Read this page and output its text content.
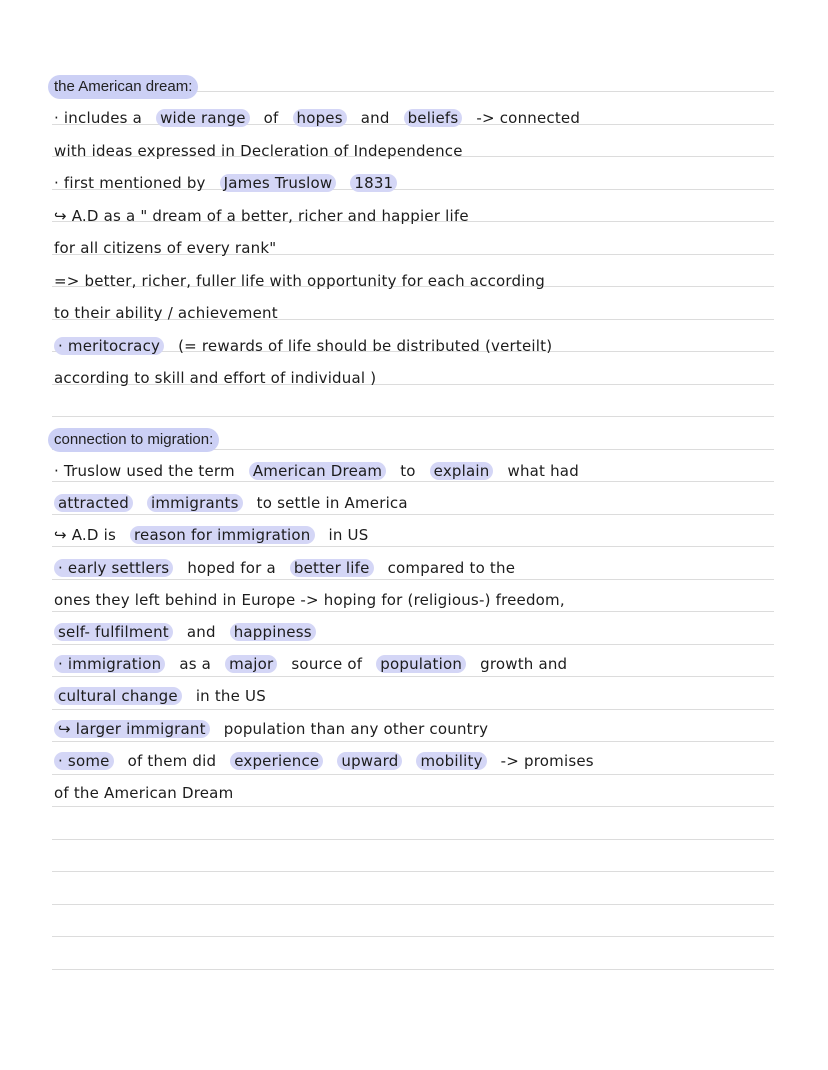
the American dream:
· includes a wide range of hopes and beliefs -> connected
with ideas expressed in Decleration of Independence
· first mentioned by James Truslow 1831
↪ A.D as a " dream of a better, richer and happier life
for all citizens of every rank"
=> better, richer, fuller life with opportunity for each according
to their ability / achievement
· meritocracy (= rewards of life should be distributed (verteilt)
according to skill and effort of individual )
connection to migration:
· Truslow used the term American Dream to explain what had
attracted immigrants to settle in America
↪ A.D is reason for immigration in US
· early settlers hoped for a better life compared to the
ones they left behind in Europe -> hoping for (religious-) freedom,
self- fulfilment and happiness
· immigration as a major source of population growth and
cultural change in the US
↪ larger immigrant population than any other country
· some of them did experience upward mobility -> promises
of the American Dream
